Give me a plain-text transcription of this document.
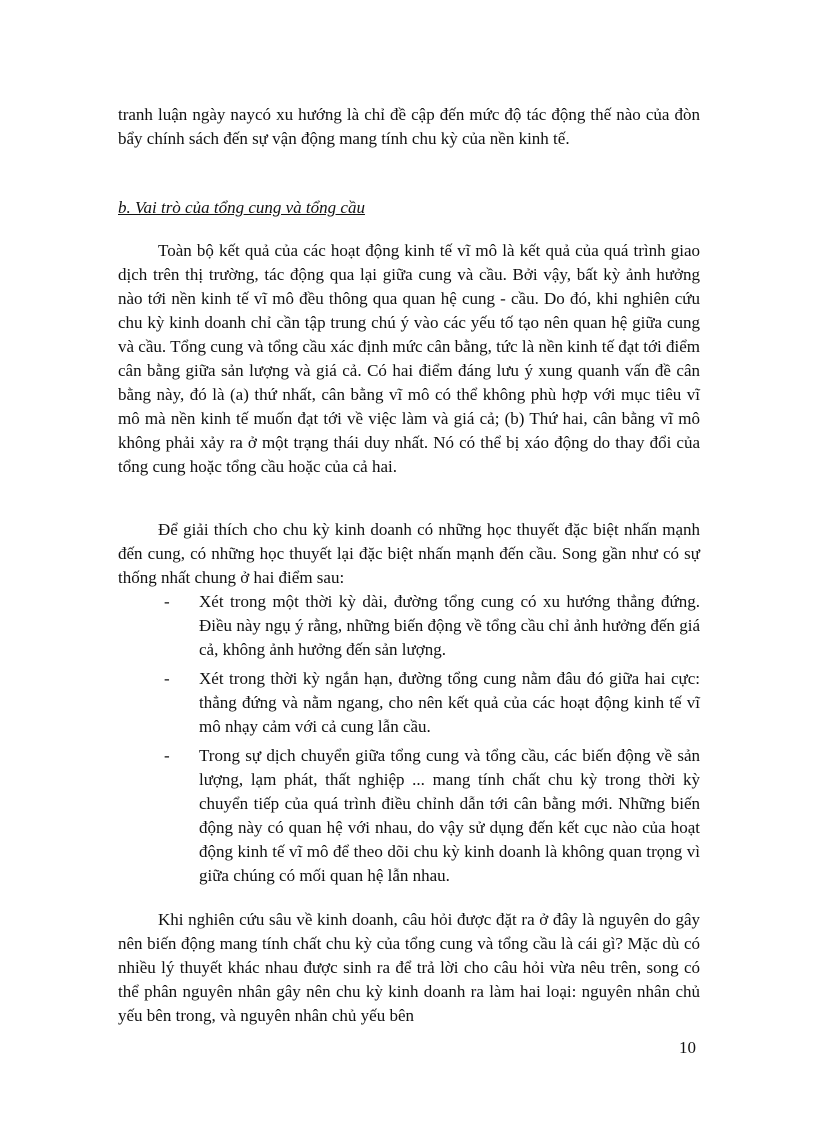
tranh luận ngày naycó xu hướng là chỉ đề cập đến mức độ tác động thế nào của đòn bẩy chính sách đến sự vận động mang tính chu kỳ của nền kinh tế.

b. Vai trò của tổng cung và tổng cầu

Toàn bộ kết quả của các hoạt động kinh tế vĩ mô là kết quả của quá trình giao dịch trên thị trường, tác động qua lại giữa cung và cầu. Bởi vậy, bất kỳ ảnh hưởng nào tới nền kinh tế vĩ mô đều thông qua quan hệ cung - cầu. Do đó, khi nghiên cứu chu kỳ kinh doanh chỉ cần tập trung chú ý vào các yếu tố tạo nên quan hệ giữa cung và cầu. Tổng cung và tổng cầu xác định mức cân bằng, tức là nền kinh tế đạt tới điểm cân bằng giữa sản lượng và giá cả. Có hai điểm đáng lưu ý xung quanh vấn đề cân bằng này, đó là (a) thứ nhất, cân bằng vĩ mô có thể không phù hợp với mục tiêu vĩ mô mà nền kinh tế muốn đạt tới về việc làm và giá cả; (b) Thứ hai, cân bằng vĩ mô không phải xảy ra ở một trạng thái duy nhất. Nó có thể bị xáo động do thay đổi của tổng cung hoặc tổng cầu hoặc của cả hai.

Để giải thích cho chu kỳ kinh doanh có những học thuyết đặc biệt nhấn mạnh đến cung, có những học thuyết lại đặc biệt nhấn mạnh đến cầu. Song gần như có sự thống nhất chung ở hai điểm sau:

- Xét trong một thời kỳ dài, đường tổng cung có xu hướng thẳng đứng. Điều này ngụ ý rằng, những biến động về tổng cầu chỉ ảnh hưởng đến giá cả, không ảnh hưởng đến sản lượng.
- Xét trong thời kỳ ngắn hạn, đường tổng cung nằm đâu đó giữa hai cực: thẳng đứng và nằm ngang, cho nên kết quả của các hoạt động kinh tế vĩ mô nhạy cảm với cả cung lẫn cầu.
- Trong sự dịch chuyển giữa tổng cung và tổng cầu, các biến động về sản lượng, lạm phát, thất nghiệp ... mang tính chất chu kỳ trong thời kỳ chuyển tiếp của quá trình điều chỉnh dẫn tới cân bằng mới. Những biến động này có quan hệ với nhau, do vậy sử dụng đến kết cục nào của hoạt động kinh tế vĩ mô để theo dõi chu kỳ kinh doanh là không quan trọng vì giữa chúng có mối quan hệ lẫn nhau.

Khi nghiên cứu sâu về kinh doanh, câu hỏi được đặt ra ở đây là nguyên do gây nên biến động mang tính chất chu kỳ của tổng cung và tổng cầu là cái gì? Mặc dù có nhiều lý thuyết khác nhau được sinh ra để trả lời cho câu hỏi vừa nêu trên, song có thể phân nguyên nhân gây nên chu kỳ kinh doanh ra làm hai loại: nguyên nhân chủ yếu bên trong, và nguyên nhân chủ yếu bên

10
